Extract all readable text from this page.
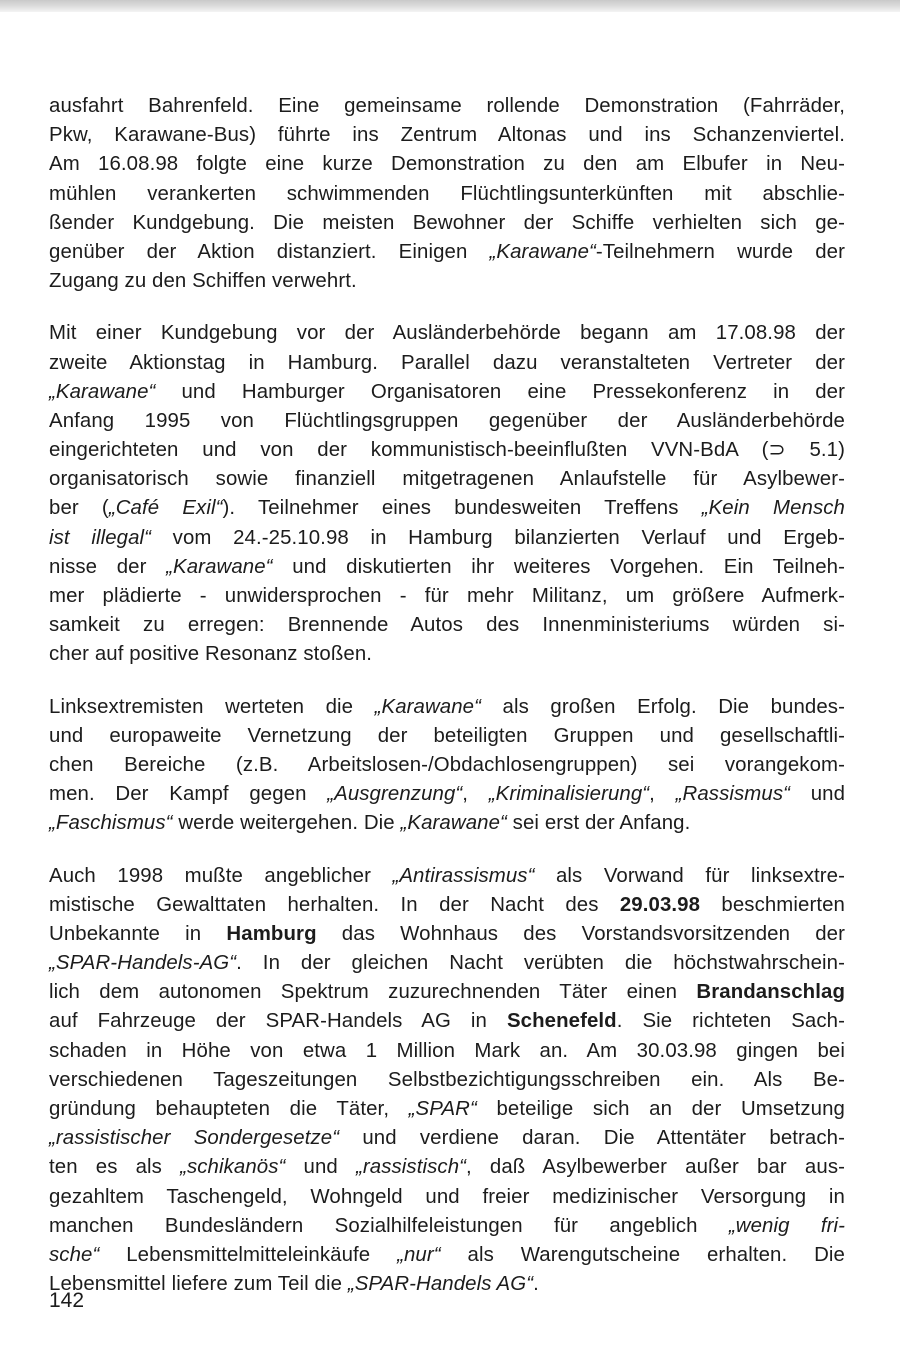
ausfahrt Bahrenfeld. Eine gemeinsame rollende Demonstration (Fahrräder,
Pkw, Karawane-Bus) führte ins Zentrum Altonas und ins Schanzenviertel.
Am 16.08.98 folgte eine kurze Demonstration zu den am Elbufer in Neu-
mühlen verankerten schwimmenden Flüchtlingsunterkünften mit abschlie-
ßender Kundgebung. Die meisten Bewohner der Schiffe verhielten sich ge-
genüber der Aktion distanziert. Einigen „Karawane“-Teilnehmern wurde der
Zugang zu den Schiffen verwehrt.
Mit einer Kundgebung vor der Ausländerbehörde begann am 17.08.98 der
zweite Aktionstag in Hamburg. Parallel dazu veranstalteten Vertreter der
„Karawane“ und Hamburger Organisatoren eine Pressekonferenz in der
Anfang 1995 von Flüchtlingsgruppen gegenüber der Ausländerbehörde
eingerichteten und von der kommunistisch-beeinflußten VVN-BdA (⊃ 5.1)
organisatorisch sowie finanziell mitgetragenen Anlaufstelle für Asylbewer-
ber („Café Exil“). Teilnehmer eines bundesweiten Treffens „Kein Mensch
ist illegal“ vom 24.-25.10.98 in Hamburg bilanzierten Verlauf und Ergeb-
nisse der „Karawane“ und diskutierten ihr weiteres Vorgehen. Ein Teilneh-
mer plädierte - unwidersprochen - für mehr Militanz, um größere Aufmerk-
samkeit zu erregen: Brennende Autos des Innenministeriums würden si-
cher auf positive Resonanz stoßen.
Linksextremisten werteten die „Karawane“ als großen Erfolg. Die bundes-
und europaweite Vernetzung der beteiligten Gruppen und gesellschaftli-
chen Bereiche (z.B. Arbeitslosen-/Obdachlosengruppen) sei vorangekom-
men. Der Kampf gegen „Ausgrenzung“, „Kriminalisierung“, „Rassismus“ und
„Faschismus“ werde weitergehen. Die „Karawane“ sei erst der Anfang.
Auch 1998 mußte angeblicher „Antirassismus“ als Vorwand für linksextre-
mistische Gewalttaten herhalten. In der Nacht des 29.03.98 beschmierten
Unbekannte in Hamburg das Wohnhaus des Vorstandsvorsitzenden der
„SPAR-Handels-AG“. In der gleichen Nacht verübten die höchstwahrschein-
lich dem autonomen Spektrum zuzurechnenden Täter einen Brandanschlag
auf Fahrzeuge der SPAR-Handels AG in Schenefeld. Sie richteten Sach-
schaden in Höhe von etwa 1 Million Mark an. Am 30.03.98 gingen bei
verschiedenen Tageszeitungen Selbstbezichtigungsschreiben ein. Als Be-
gründung behaupteten die Täter, „SPAR“ beteilige sich an der Umsetzung
„rassistischer Sondergesetze“ und verdiene daran. Die Attentäter betrach-
ten es als „schikanös“ und „rassistisch“, daß Asylbewerber außer bar aus-
gezahltem Taschengeld, Wohngeld und freier medizinischer Versorgung in
manchen Bundesländern Sozialhilfeleistungen für angeblich „wenig fri-
sche“ Lebensmittelmitteleinkäufe „nur“ als Warengutscheine erhalten. Die
Lebensmittel liefere zum Teil die „SPAR-Handels AG“.
142
